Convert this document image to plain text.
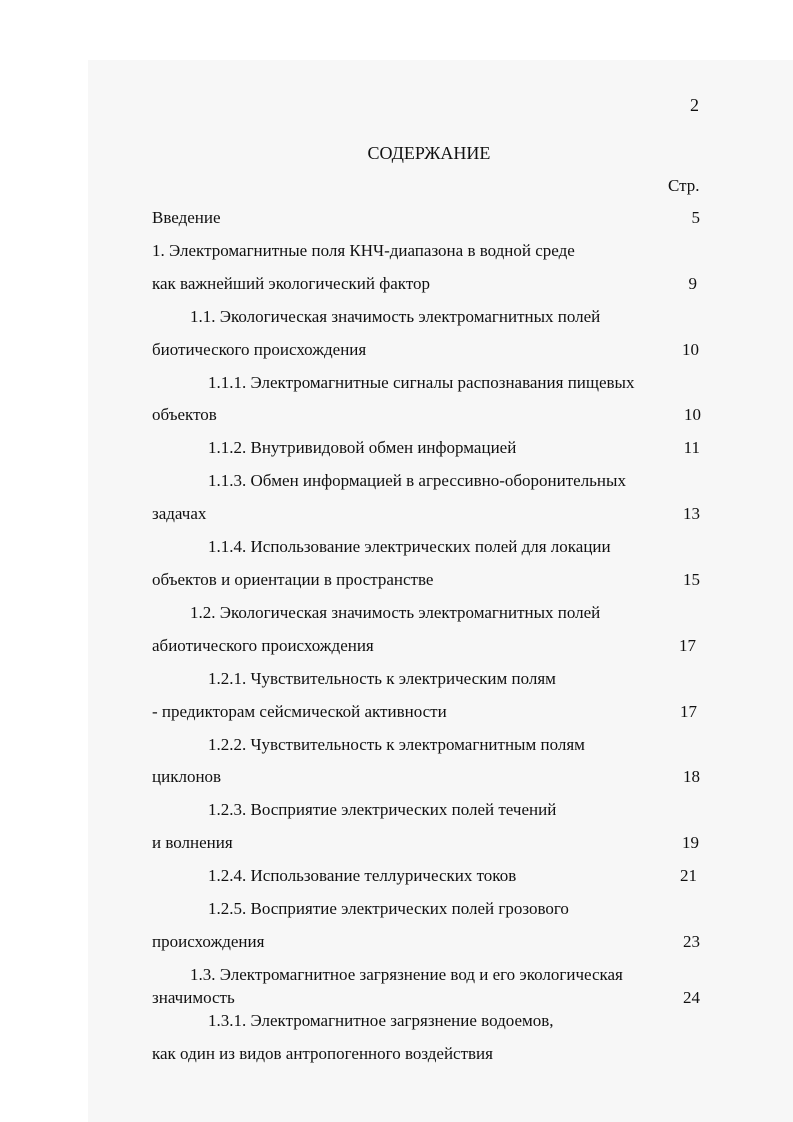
2
СОДЕРЖАНИЕ
Стр.
Введение	5
1. Электромагнитные поля КНЧ-диапазона в водной среде
как важнейший экологический фактор	9
1.1. Экологическая значимость электромагнитных полей
биотического происхождения	10
1.1.1. Электромагнитные сигналы распознавания пищевых
объектов	10
1.1.2. Внутривидовой обмен информацией	11
1.1.3. Обмен информацией в агрессивно-оборонительных
задачах	13
1.1.4. Использование электрических полей для локации
объектов и ориентации в пространстве	15
1.2. Экологическая значимость электромагнитных полей
абиотического происхождения	17
1.2.1. Чувствительность к электрическим полям
- предикторам сейсмической активности	17
1.2.2. Чувствительность к электромагнитным полям
циклонов	18
1.2.3. Восприятие электрических полей течений
и волнения	19
1.2.4. Использование теллурических токов	21
1.2.5. Восприятие электрических полей грозового
происхождения	23
1.3. Электромагнитное загрязнение вод и его экологическая
значимость	24
1.3.1. Электромагнитное загрязнение водоемов,
как один из видов антропогенного воздействия
